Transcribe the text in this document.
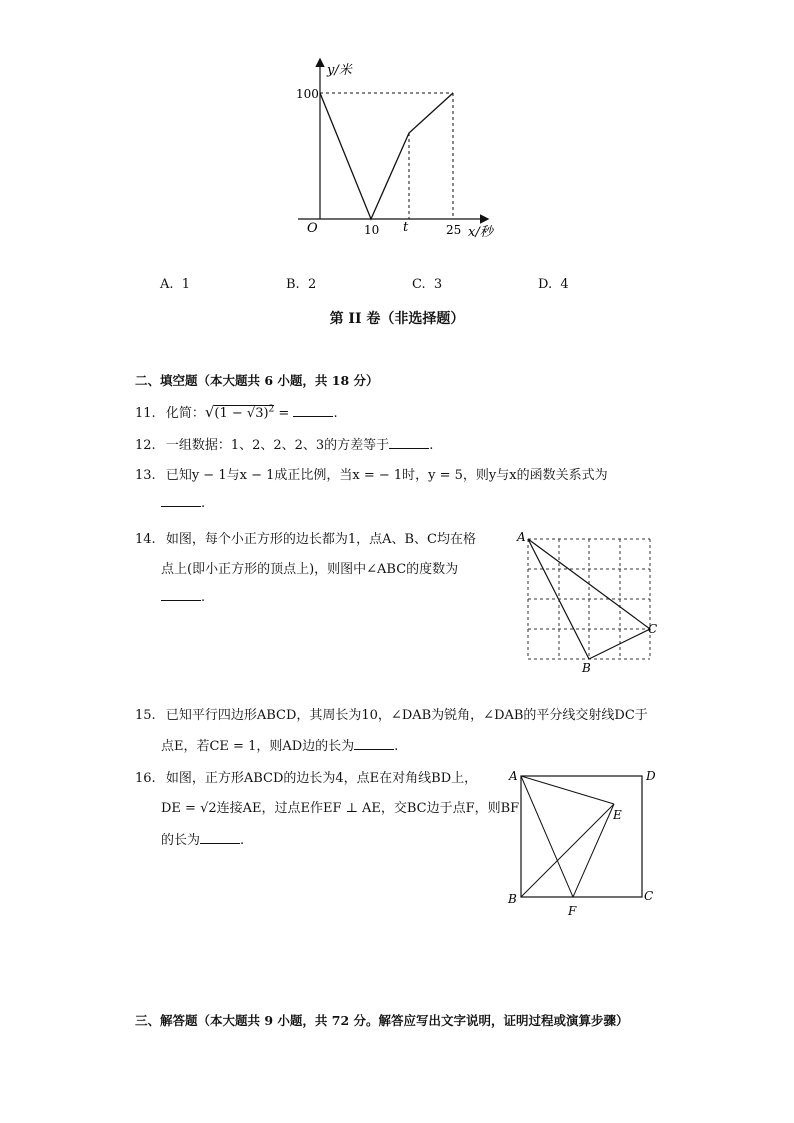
y/米
x/秒
O
100
10 t	25
A. 1	B. 2	C. 3	D. 4
第 II 卷（非选择题）
二、填空题（本大题共 6 小题，共 18 分）
11. 化简：$√(1 - √3)^2$ =	.
12. 一组数据：1、2、2、2、3的方差等于	.
13. 已知y − 1与x − 1成正比例，当x = − 1时，y = 5，则y与x的函数关系式为
.
14. 如图，每个小正方形的边长都为1，点A、B、C均在格
点上(即小正方形的顶点上)，则图中∠ABC的度数为
.
A
B
C
15. 已知平行四边形ABCD，其周长为10，∠DAB为锐角，∠DAB的平分线交射线DC于
点E，若CE = 1，则AD边的长为	.
16. 如图，正方形ABCD的边长为4，点E在对角线BD上，
DE = √2连接AE，过点E作EF ⊥ AE，交BC边于点F，则BF
的长为	.
A	D
E
B
F
C
三、解答题（本大题共 9 小题，共 72 分。解答应写出文字说明，证明过程或演算步骤）
